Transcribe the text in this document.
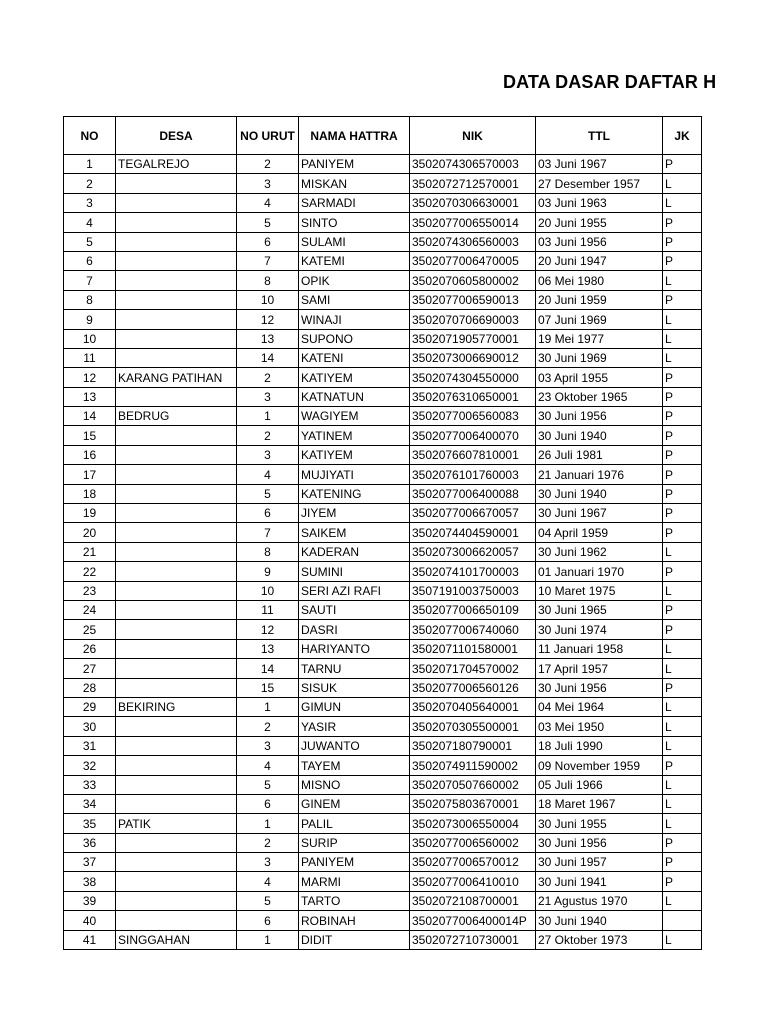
DATA DASAR DAFTAR H
NO	DESA	NO URUT	NAMA HATTRA	NIK	TTL	JK
1	TEGALREJO	2	PANIYEM	3502074306570003	03 Juni 1967	P
2		3	MISKAN	3502072712570001	27 Desember 1957	L
3		4	SARMADI	3502070306630001	03 Juni 1963	L
4		5	SINTO	3502077006550014	20 Juni 1955	P
5		6	SULAMI	3502074306560003	03 Juni 1956	P
6		7	KATEMI	3502077006470005	20 Juni 1947	P
7		8	OPIK	3502070605800002	06 Mei 1980	L
8		10	SAMI	3502077006590013	20 Juni 1959	P
9		12	WINAJI	3502070706690003	07 Juni 1969	L
10		13	SUPONO	3502071905770001	19 Mei 1977	L
11		14	KATENI	3502073006690012	30 Juni 1969	L
12	KARANG PATIHAN	2	KATIYEM	3502074304550000	03 April 1955	P
13		3	KATNATUN	3502076310650001	23 Oktober 1965	P
14	BEDRUG	1	WAGIYEM	3502077006560083	30 Juni 1956	P
15		2	YATINEM	3502077006400070	30 Juni 1940	P
16		3	KATIYEM	3502076607810001	26 Juli 1981	P
17		4	MUJIYATI	3502076101760003	21 Januari 1976	P
18		5	KATENING	3502077006400088	30 Juni 1940	P
19		6	JIYEM	3502077006670057	30 Juni 1967	P
20		7	SAIKEM	3502074404590001	04 April 1959	P
21		8	KADERAN	3502073006620057	30 Juni 1962	L
22		9	SUMINI	3502074101700003	01 Januari 1970	P
23		10	SERI AZI RAFI	3507191003750003	10 Maret 1975	L
24		11	SAUTI	3502077006650109	30 Juni 1965	P
25		12	DASRI	3502077006740060	30 Juni 1974	P
26		13	HARIYANTO	3502071101580001	11 Januari 1958	L
27		14	TARNU	3502071704570002	17 April 1957	L
28		15	SISUK	3502077006560126	30 Juni 1956	P
29	BEKIRING	1	GIMUN	3502070405640001	04 Mei 1964	L
30		2	YASIR	3502070305500001	03 Mei 1950	L
31		3	JUWANTO	350207180790001	18 Juli 1990	L
32		4	TAYEM	3502074911590002	09 November 1959	P
33		5	MISNO	3502070507660002	05 Juli 1966	L
34		6	GINEM	3502075803670001	18 Maret 1967	L
35	PATIK	1	PALIL	3502073006550004	30 Juni 1955	L
36		2	SURIP	3502077006560002	30 Juni 1956	P
37		3	PANIYEM	3502077006570012	30 Juni 1957	P
38		4	MARMI	3502077006410010	30 Juni 1941	P
39		5	TARTO	3502072108700001	21 Agustus 1970	L
40		6	ROBINAH	3502077006400014P	30 Juni 1940	
41	SINGGAHAN	1	DIDIT	3502072710730001	27 Oktober 1973	L
